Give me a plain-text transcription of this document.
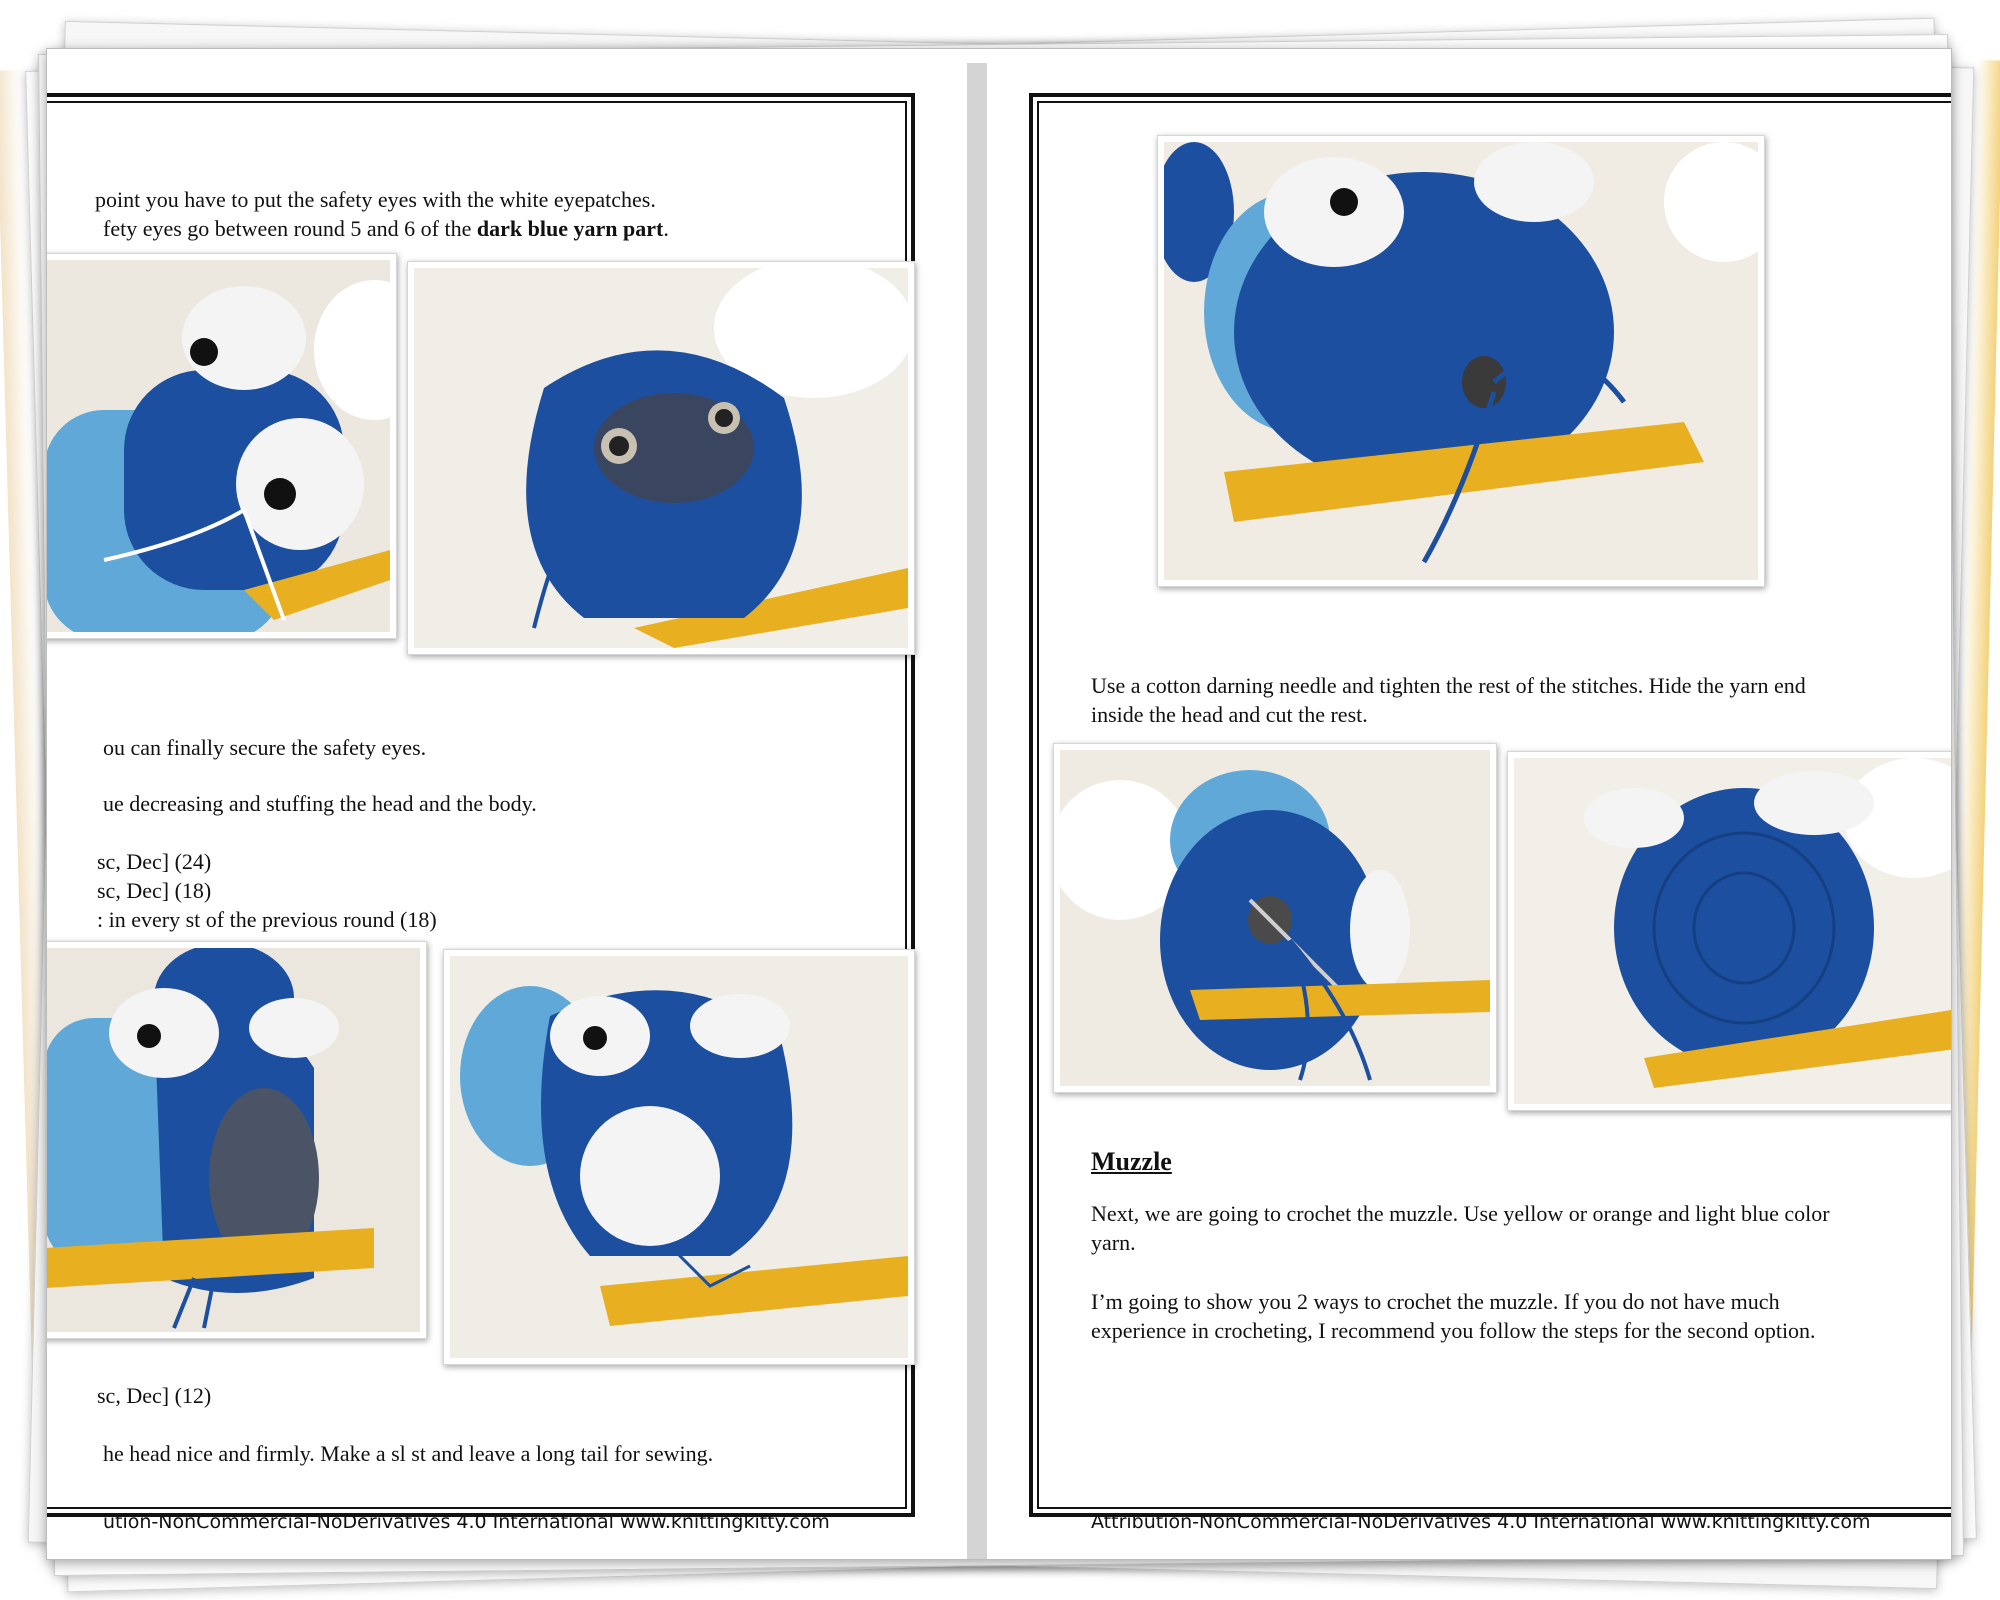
point you have to put the safety eyes with the white eyepatches.
fety eyes go between round 5 and 6 of the dark blue yarn part.
ou can finally secure the safety eyes.
ue decreasing and stuffing the head and the body.
sc, Dec] (24)
sc, Dec] (18)
: in every st of the previous round (18)
sc, Dec] (12)
he head nice and firmly. Make a sl st and leave a long tail for sewing.
ution-NonCommercial-NoDerivatives 4.0 International www.knittingkitty.com
Use a cotton darning needle and tighten the rest of the stitches. Hide the yarn end
inside the head and cut the rest.
Muzzle
Next, we are going to crochet the muzzle. Use yellow or orange and light blue color
yarn.
I’m going to show you 2 ways to crochet the muzzle. If you do not have much
experience in crocheting, I recommend you follow the steps for the second option.
Attribution-NonCommercial-NoDerivatives 4.0 International www.knittingkitty.com
